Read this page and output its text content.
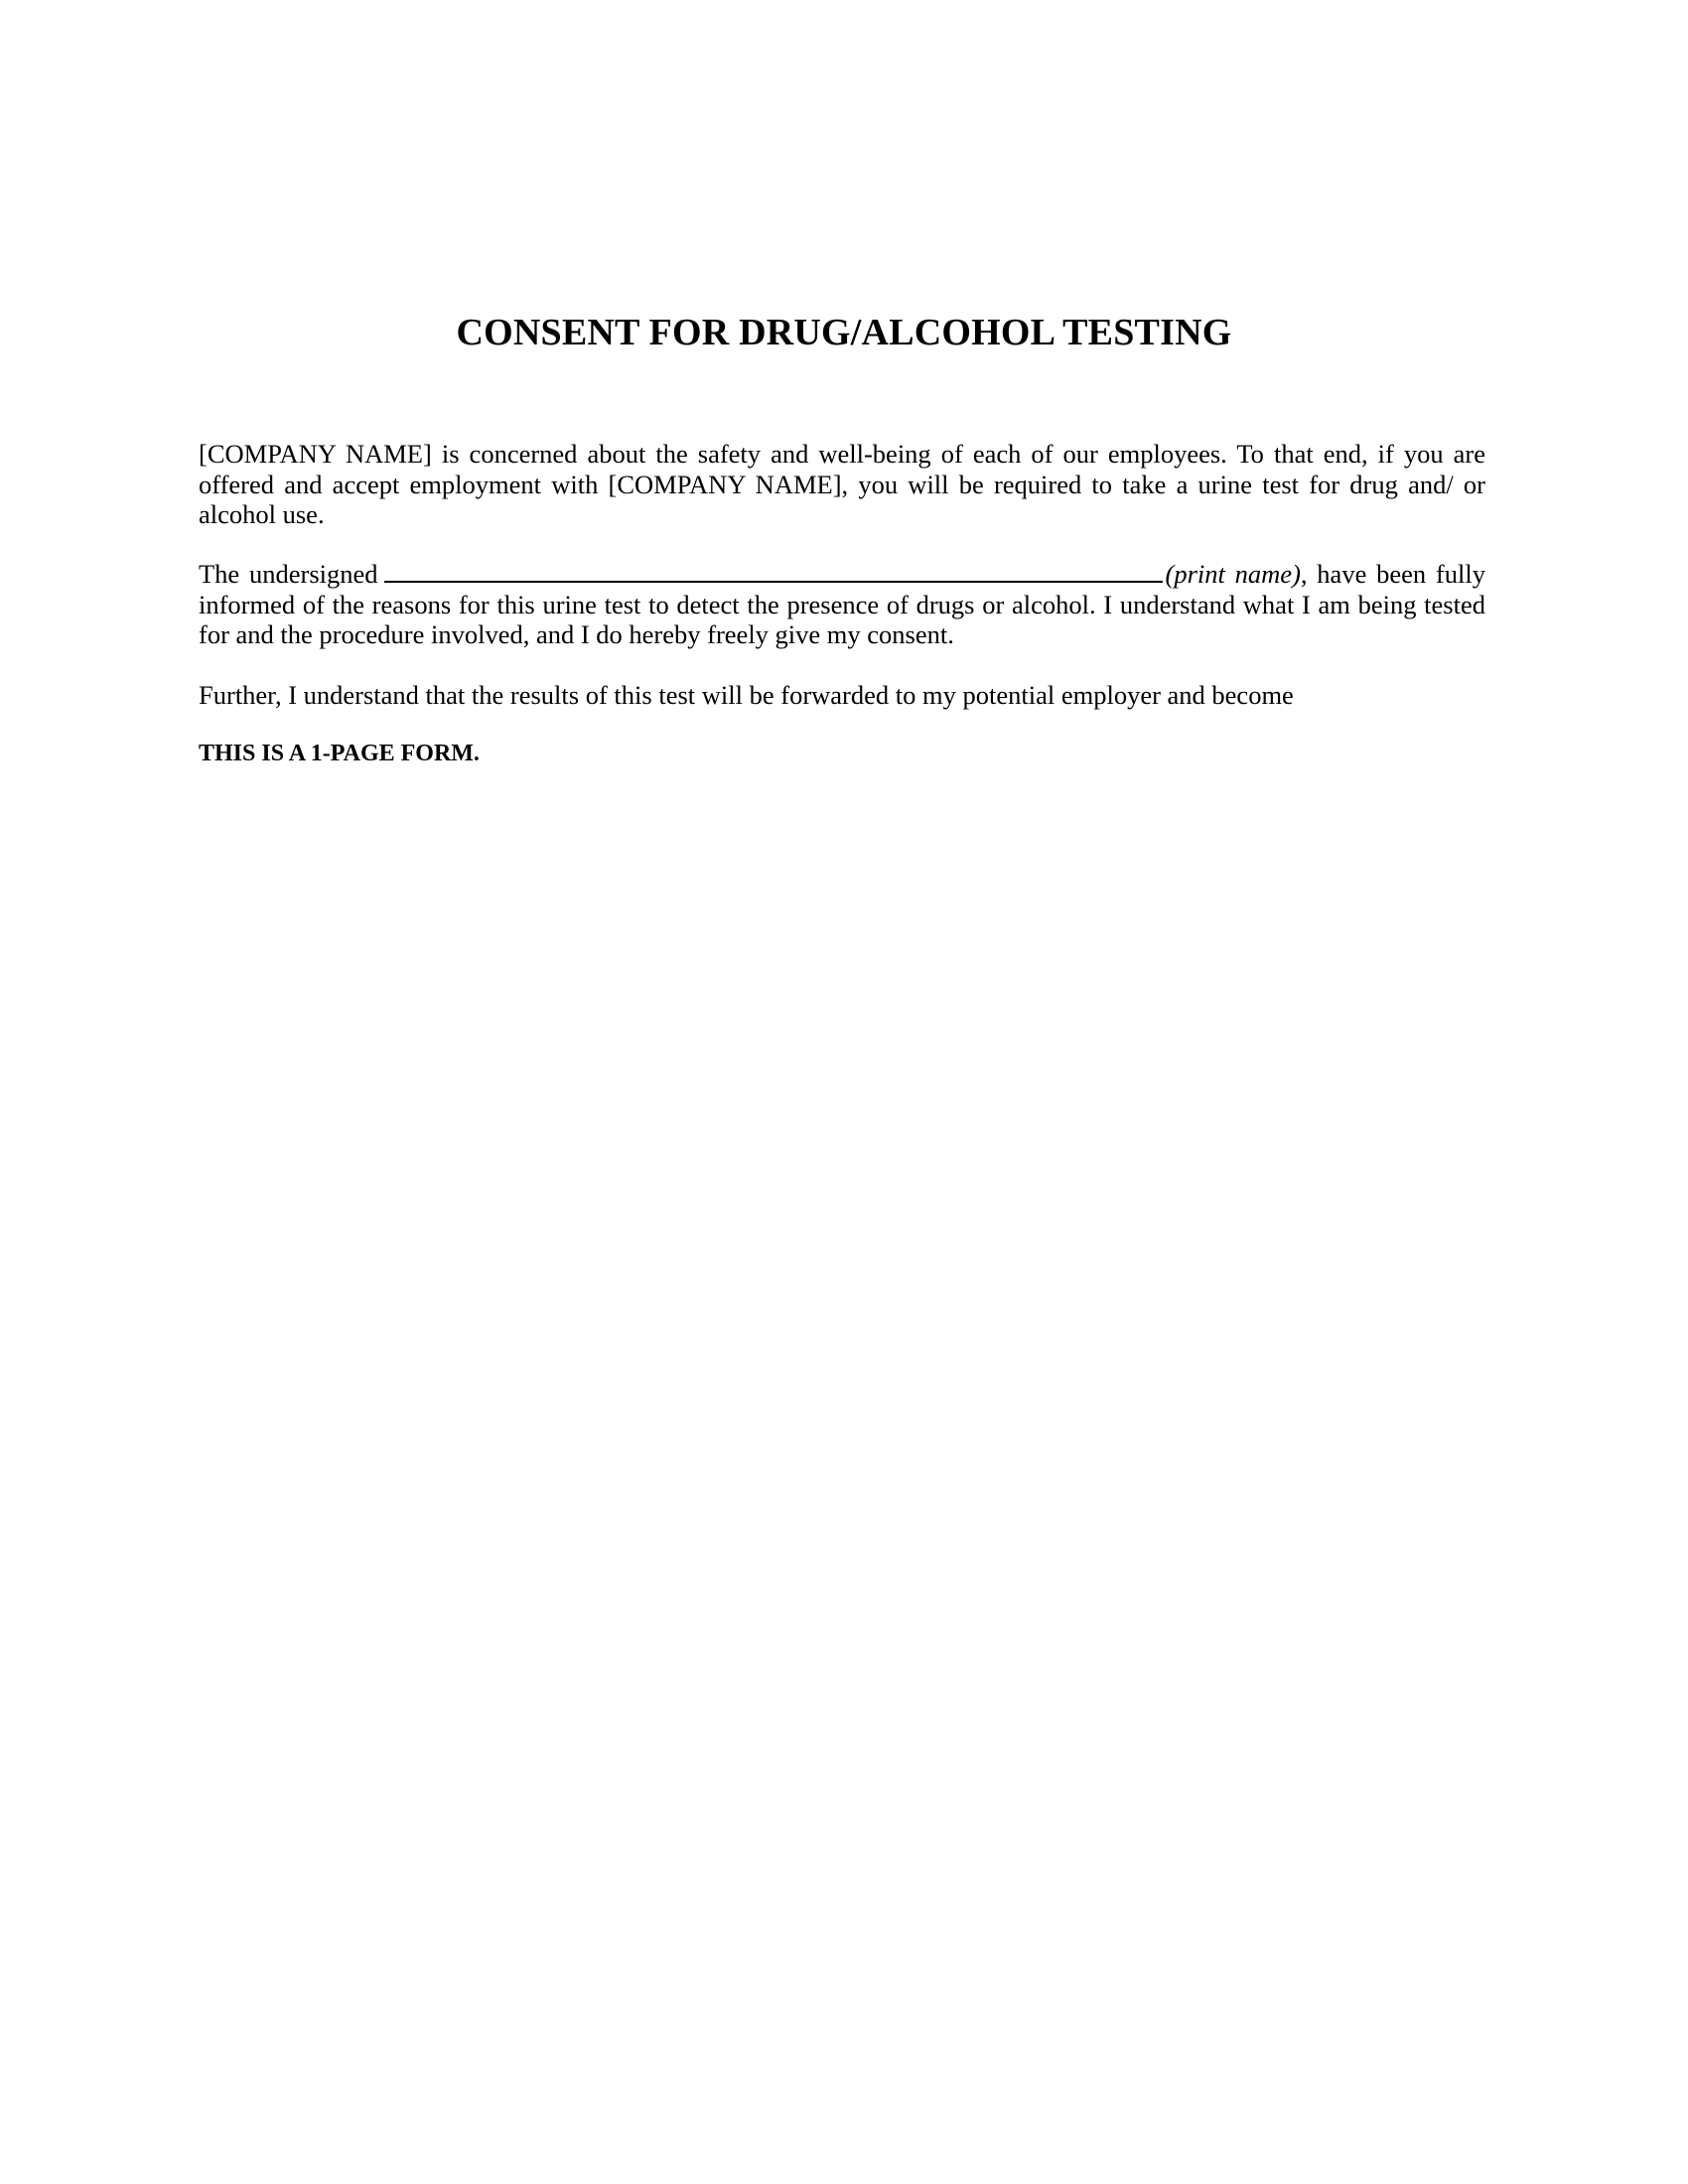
CONSENT FOR DRUG/ALCOHOL TESTING

[COMPANY NAME] is concerned about the safety and well-being of each of our employees. To that end, if you are offered and accept employment with [COMPANY NAME], you will be required to take a urine test for drug and/ or alcohol use.

The undersigned	(print name), have been fully informed of the reasons for this urine test to detect the presence of drugs or alcohol. I understand what I am being tested for and the procedure involved, and I do hereby freely give my consent.

Further, I understand that the results of this test will be forwarded to my potential employer and become

THIS IS A 1-PAGE FORM.
